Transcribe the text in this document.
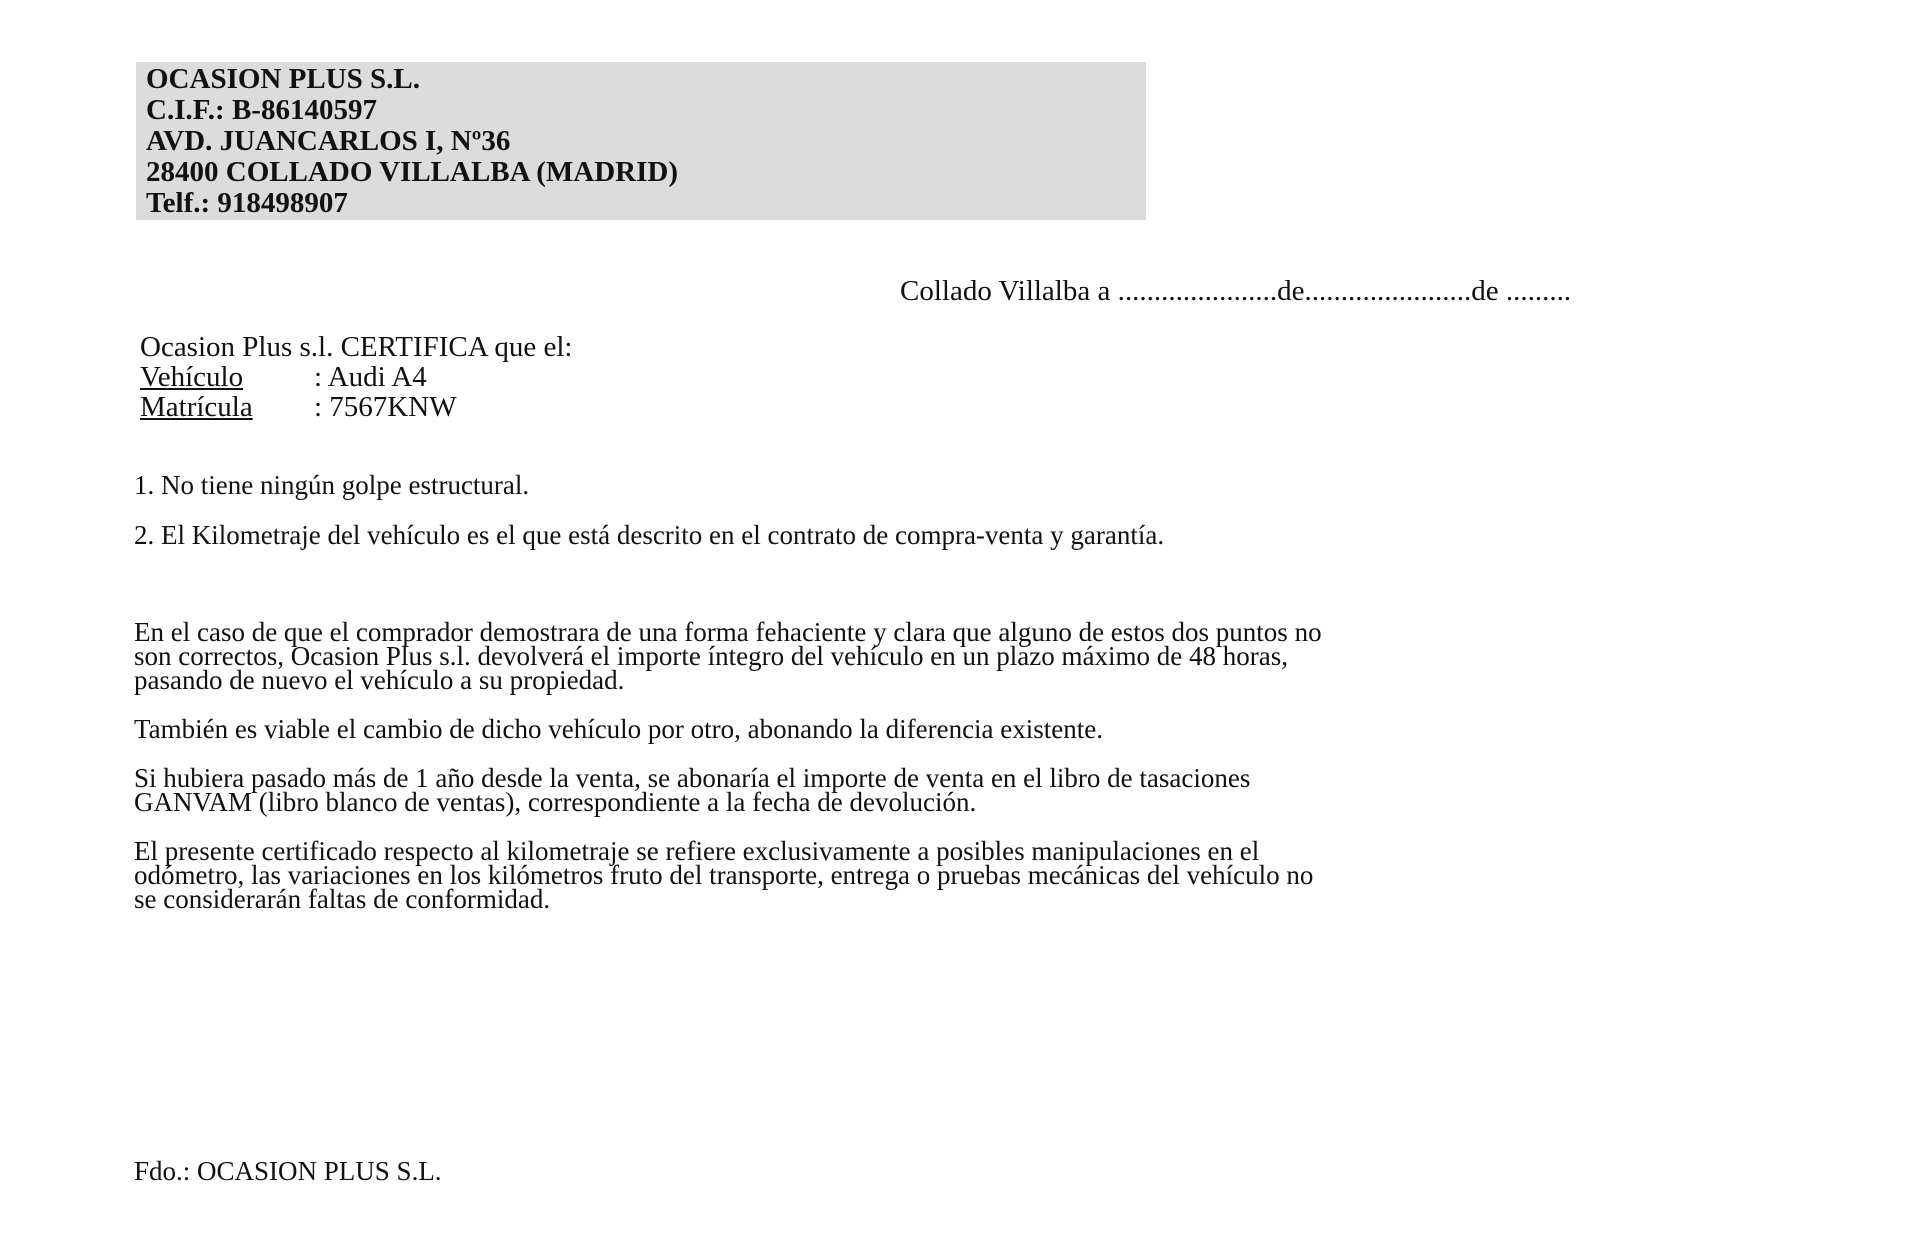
OCASION PLUS S.L.
C.I.F.: B-86140597
AVD. JUANCARLOS I, Nº36
28400 COLLADO VILLALBA (MADRID)
Telf.: 918498907
Collado Villalba a ......................de.......................de .........
Ocasion Plus s.l. CERTIFICA que el:
Vehículo : Audi A4
Matrícula : 7567KNW

1. No tiene ningún golpe estructural.

2. El Kilometraje del vehículo es el que está descrito en el contrato de compra-venta y garantía.

En el caso de que el comprador demostrara de una forma fehaciente y clara que alguno de estos dos puntos no
son correctos, Ocasion Plus s.l. devolverá el importe íntegro del vehículo en un plazo máximo de 48 horas,
pasando de nuevo el vehículo a su propiedad.

También es viable el cambio de dicho vehículo por otro, abonando la diferencia existente.

Si hubiera pasado más de 1 año desde la venta, se abonaría el importe de venta en el libro de tasaciones
GANVAM (libro blanco de ventas), correspondiente a la fecha de devolución.

El presente certificado respecto al kilometraje se refiere exclusivamente a posibles manipulaciones en el
odómetro, las variaciones en los kilómetros fruto del transporte, entrega o pruebas mecánicas del vehículo no
se considerarán faltas de conformidad.

Fdo.: OCASION PLUS S.L.
